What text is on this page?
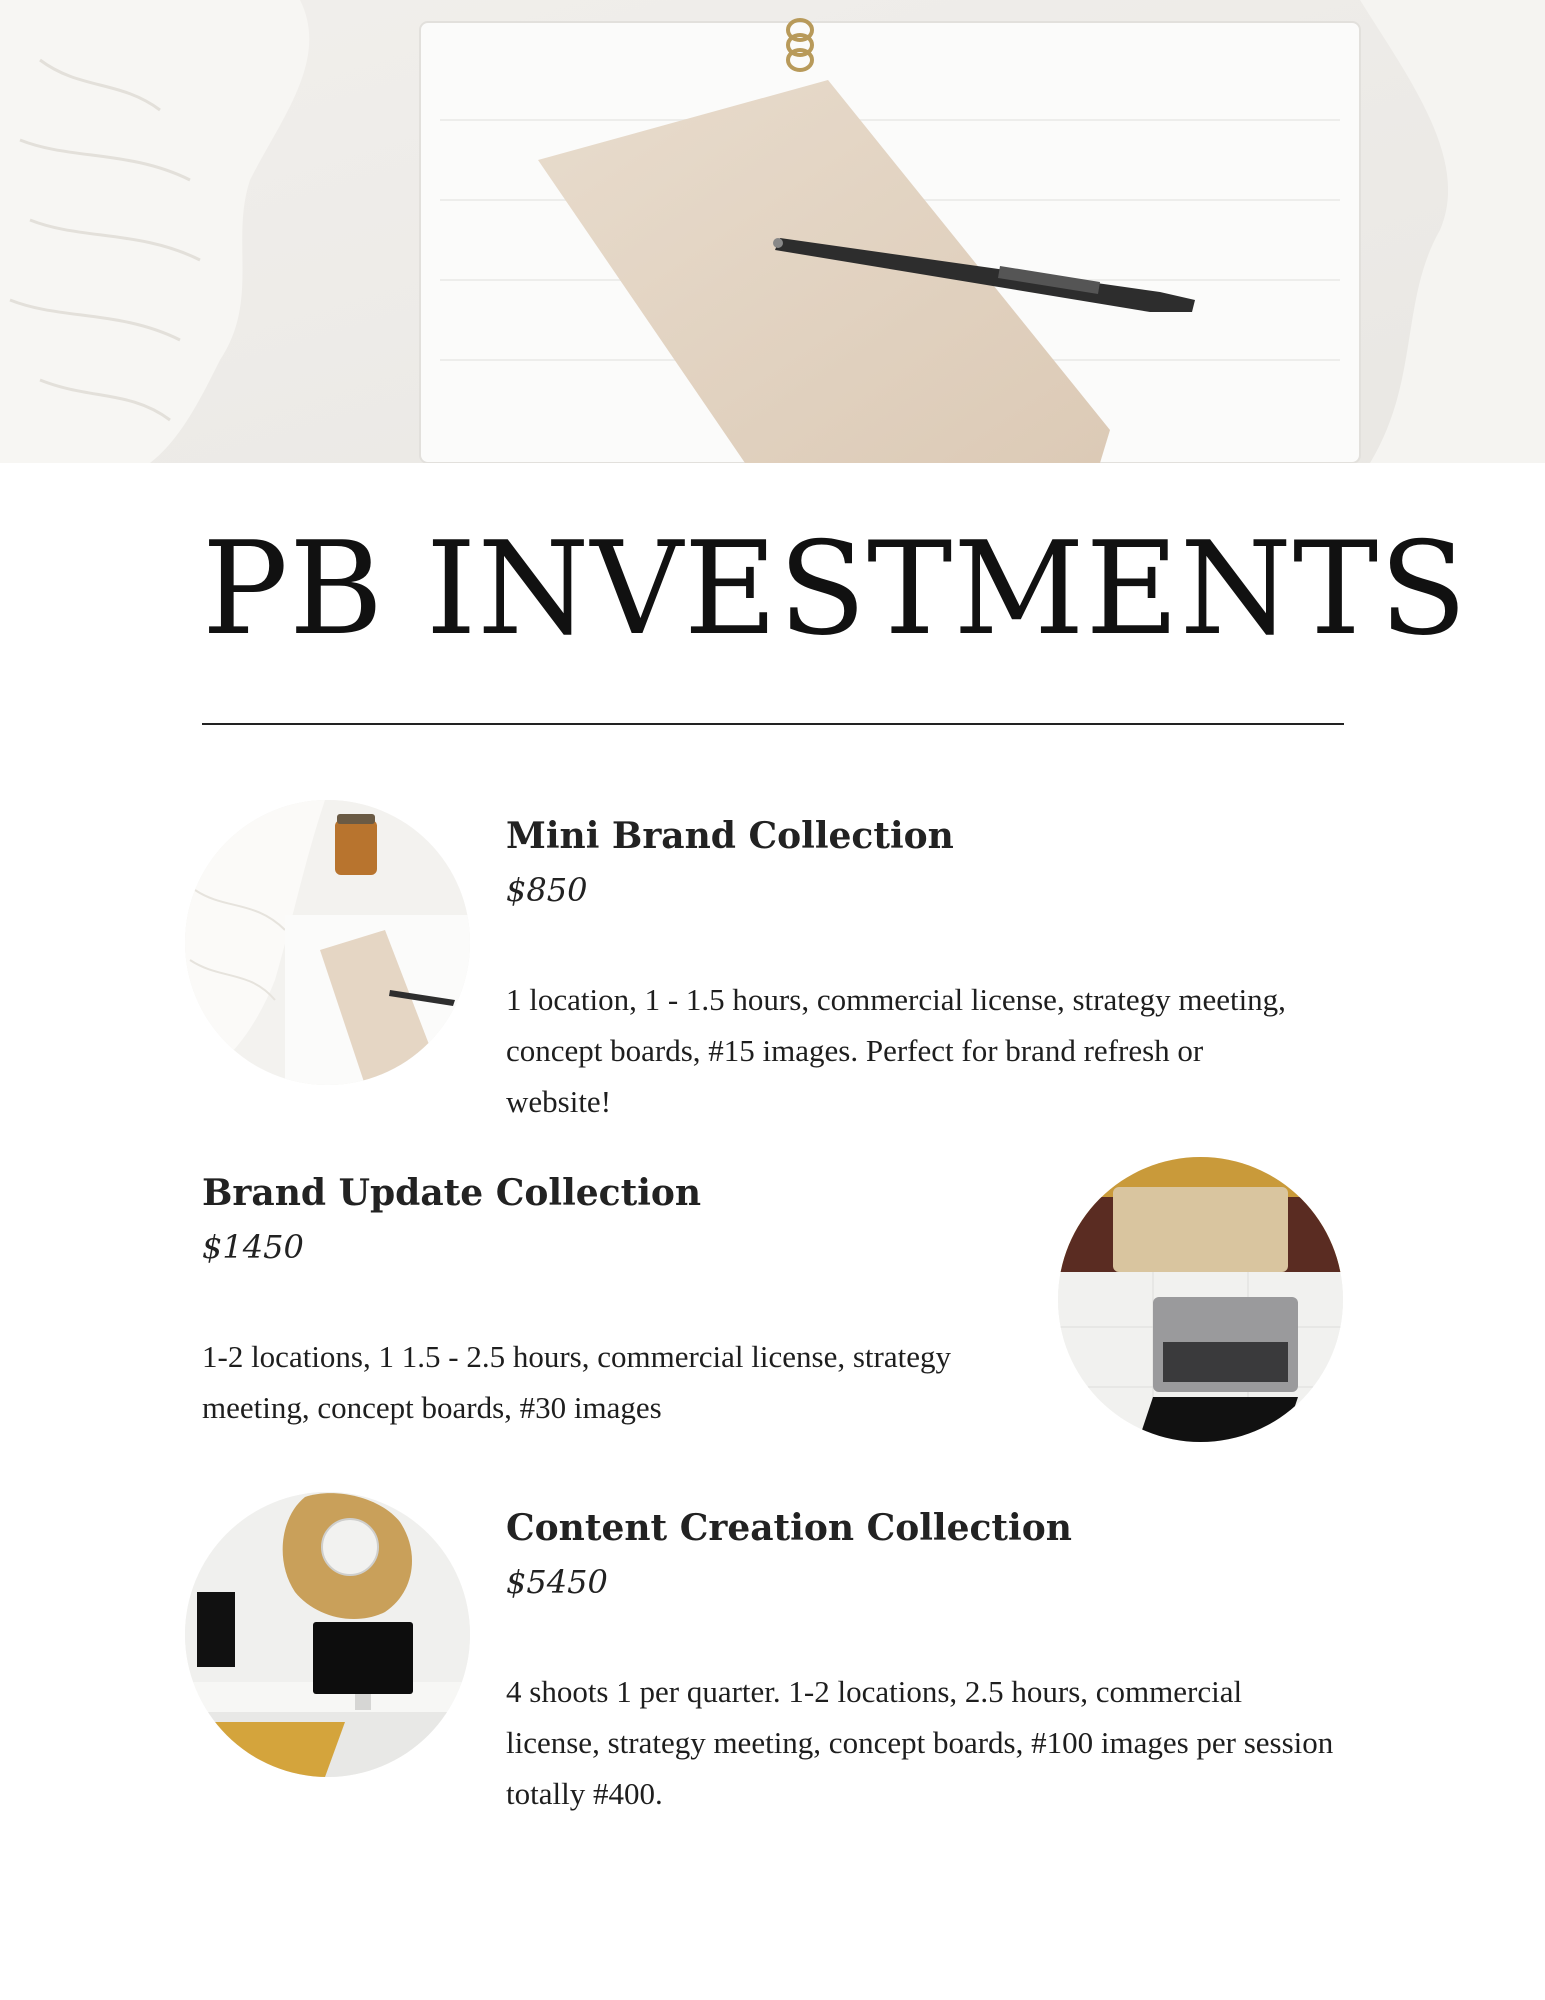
PB INVESTMENTS
Mini Brand Collection
$850
1 location, 1 - 1.5 hours, commercial license, strategy meeting, concept boards, #15 images. Perfect for brand refresh or website!
Brand Update Collection
$1450
1-2 locations, 1 1.5 - 2.5 hours, commercial license, strategy meeting, concept boards, #30 images
Content Creation Collection
$5450
4 shoots 1 per quarter. 1-2 locations, 2.5 hours, commercial license, strategy meeting, concept boards, #100 images per session totally #400.
